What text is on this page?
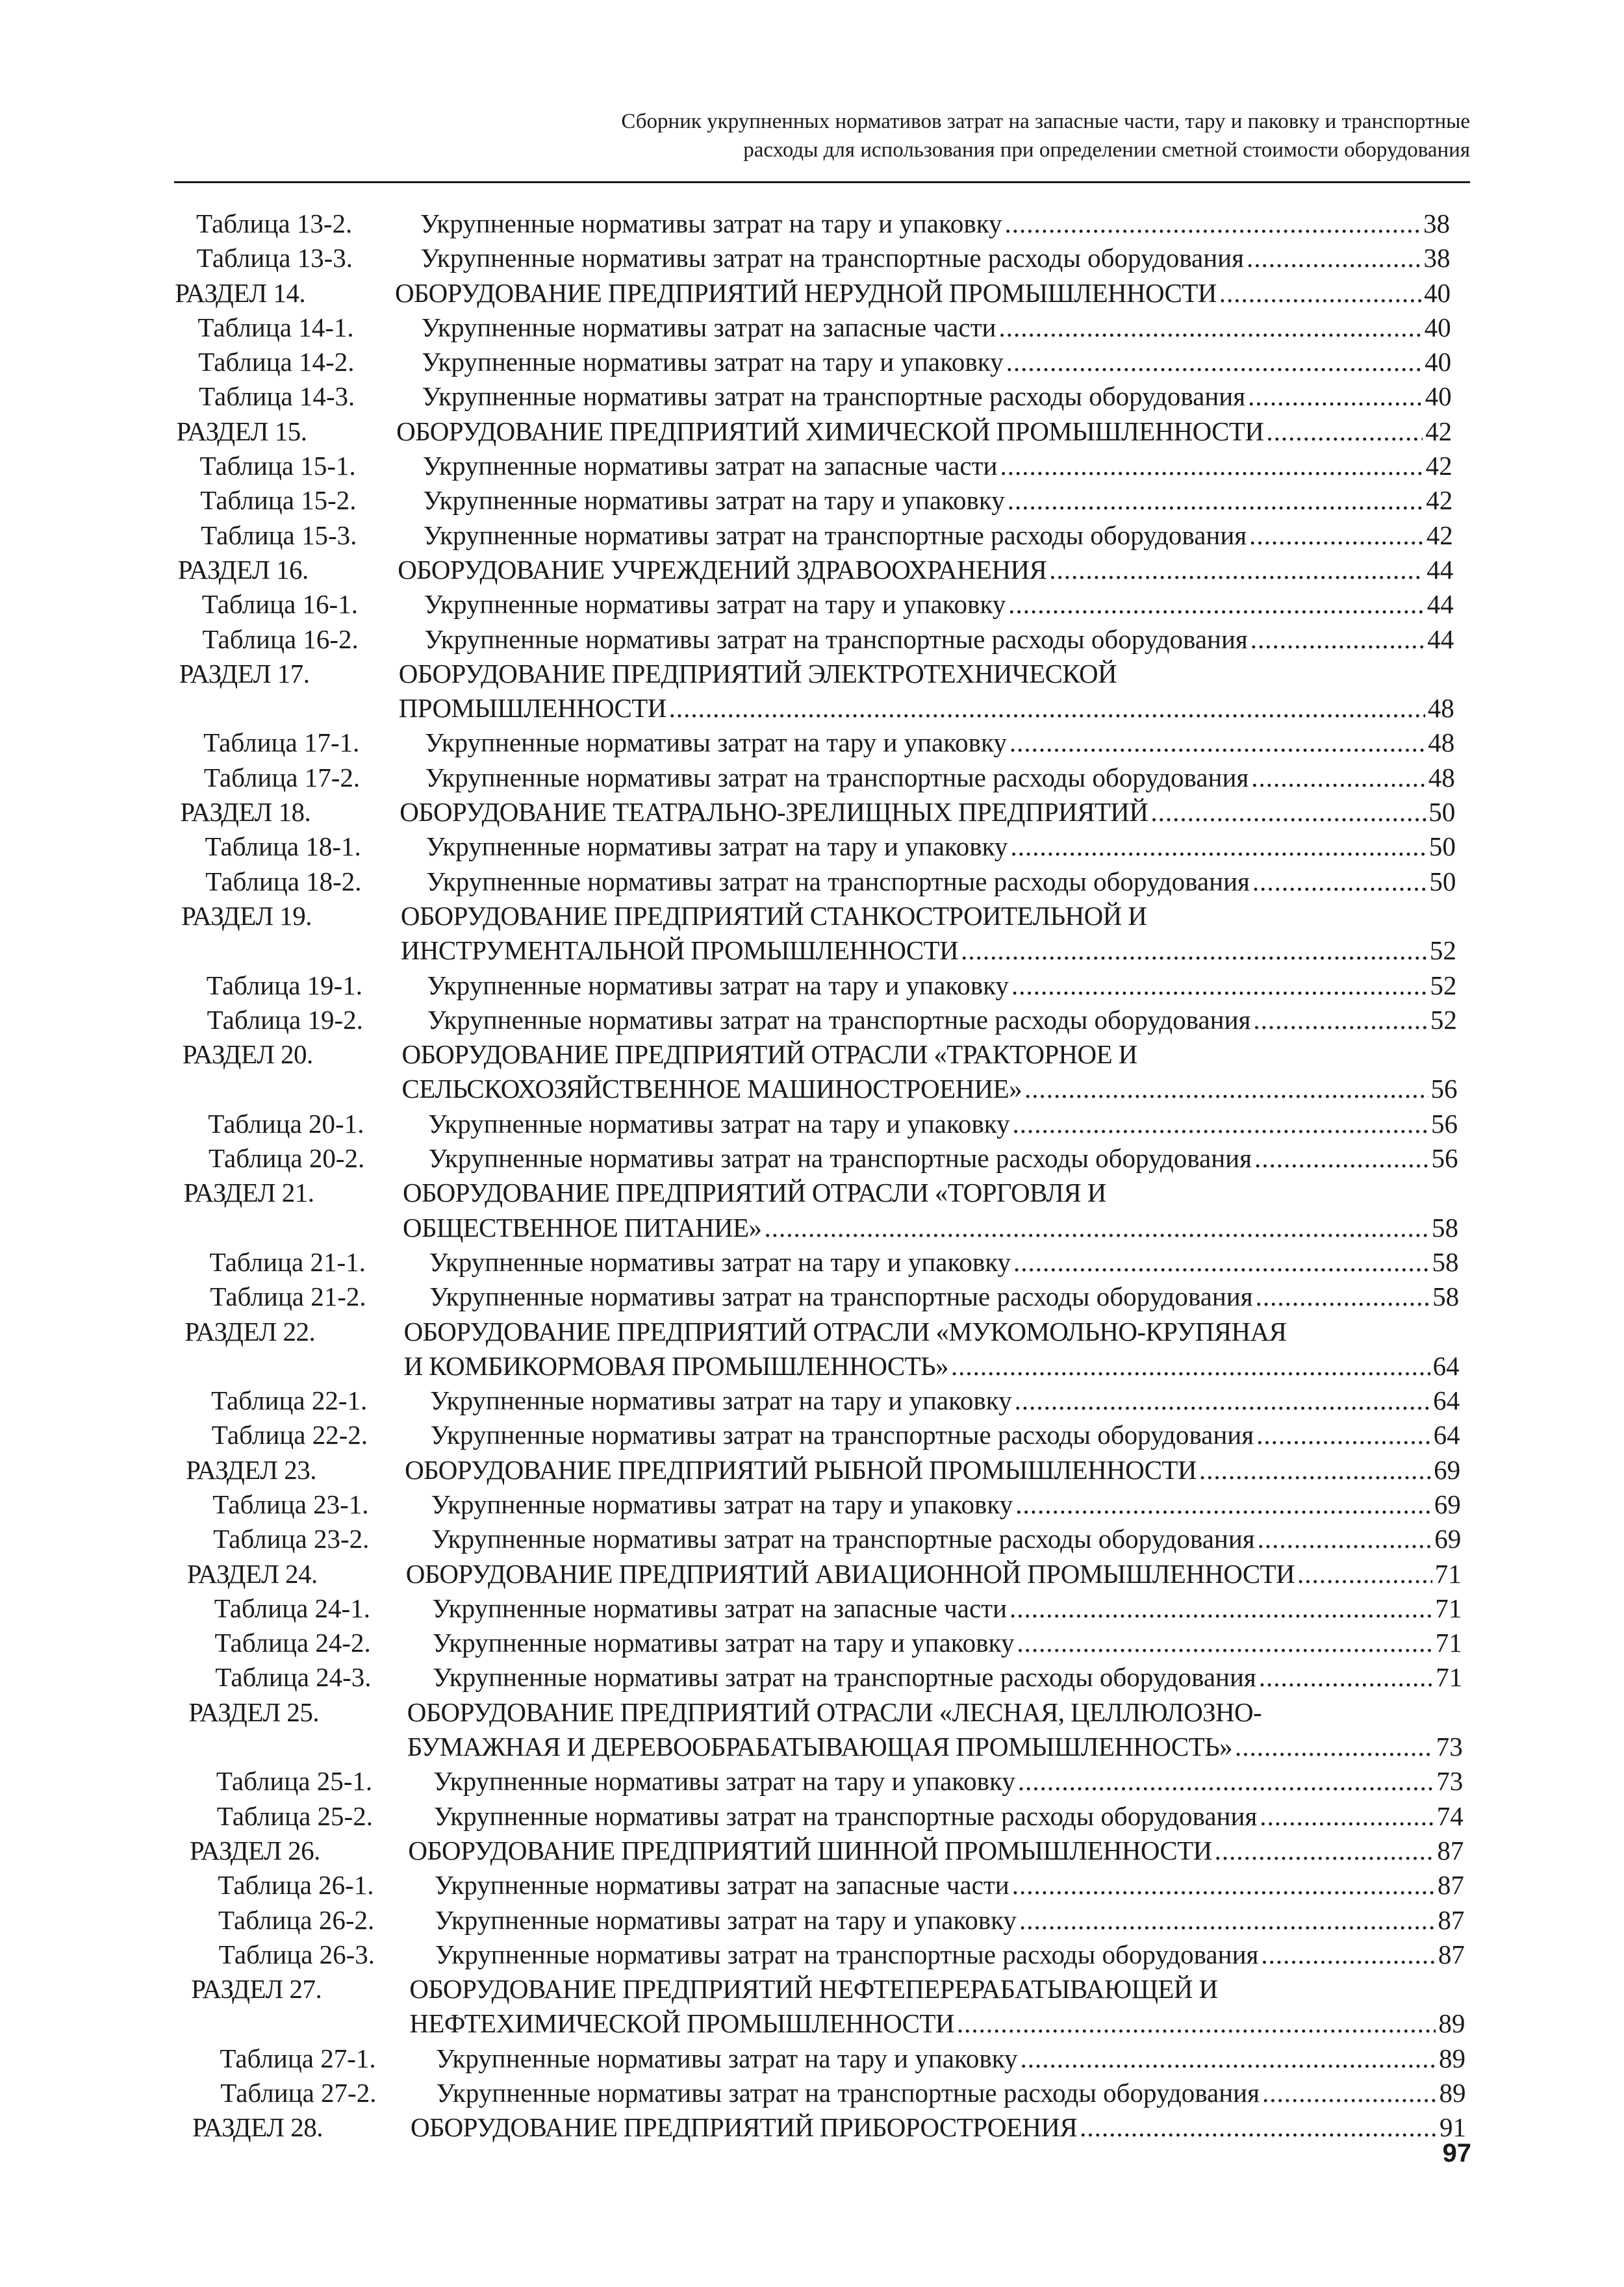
Сборник укрупненных нормативов затрат на запасные части, тару и паковку и транспортные
расходы для использования при определении сметной стоимости оборудования
Таблица 13-2.	Укрупненные нормативы затрат на тару и упаковку .....	38
Таблица 13-3.	Укрупненные нормативы затрат на транспортные расходы оборудования .....	38
РАЗДЕЛ 14.	ОБОРУДОВАНИЕ ПРЕДПРИЯТИЙ НЕРУДНОЙ ПРОМЫШЛЕННОСТИ .....	40
Таблица 14-1.	Укрупненные нормативы затрат на запасные части .....	40
Таблица 14-2.	Укрупненные нормативы затрат на тару и упаковку .....	40
Таблица 14-3.	Укрупненные нормативы затрат на транспортные расходы оборудования .....	40
РАЗДЕЛ 15.	ОБОРУДОВАНИЕ ПРЕДПРИЯТИЙ ХИМИЧЕСКОЙ ПРОМЫШЛЕННОСТИ .....	42
Таблица 15-1.	Укрупненные нормативы затрат на запасные части .....	42
Таблица 15-2.	Укрупненные нормативы затрат на тару и упаковку .....	42
Таблица 15-3. Укрупненные нормативы затрат на транспортные расходы оборудования .....	42
РАЗДЕЛ 16.	ОБОРУДОВАНИЕ УЧРЕЖДЕНИЙ ЗДРАВООХРАНЕНИЯ .....	44
Таблица 16-1. Укрупненные нормативы затрат на тару и упаковку .....	44
Таблица 16-2. Укрупненные нормативы затрат на транспортные расходы оборудования .....	44
РАЗДЕЛ 17.	ОБОРУДОВАНИЕ ПРЕДПРИЯТИЙ ЭЛЕКТРОТЕХНИЧЕСКОЙ
ПРОМЫШЛЕННОСТИ .....	48
Таблица 17-1. Укрупненные нормативы затрат на тару и упаковку .....	48
Таблица 17-2. Укрупненные нормативы затрат на транспортные расходы оборудования .....	48
РАЗДЕЛ 18.	ОБОРУДОВАНИЕ ТЕАТРАЛЬНО-ЗРЕЛИЩНЫХ ПРЕДПРИЯТИЙ .....	50
Таблица 18-1. Укрупненные нормативы затрат на тару и упаковку .....	50
Таблица 18-2. Укрупненные нормативы затрат на транспортные расходы оборудования .....	50
РАЗДЕЛ 19.	ОБОРУДОВАНИЕ ПРЕДПРИЯТИЙ СТАНКОСТРОИТЕЛЬНОЙ И
ИНСТРУМЕНТАЛЬНОЙ ПРОМЫШЛЕННОСТИ .....	52
Таблица 19-1. Укрупненные нормативы затрат на тару и упаковку .....	52
Таблица 19-2. Укрупненные нормативы затрат на транспортные расходы оборудования .....	52
РАЗДЕЛ 20.	ОБОРУДОВАНИЕ ПРЕДПРИЯТИЙ ОТРАСЛИ «ТРАКТОРНОЕ И
СЕЛЬСКОХОЗЯЙСТВЕННОЕ МАШИНОСТРОЕНИЕ» .....	56
Таблица 20-1. Укрупненные нормативы затрат на тару и упаковку .....	56
Таблица 20-2. Укрупненные нормативы затрат на транспортные расходы оборудования .....	56
РАЗДЕЛ 21.	ОБОРУДОВАНИЕ ПРЕДПРИЯТИЙ ОТРАСЛИ «ТОРГОВЛЯ И
ОБЩЕСТВЕННОЕ ПИТАНИЕ» .....	58
Таблица 21-1. Укрупненные нормативы затрат на тару и упаковку .....	58
Таблица 21-2. Укрупненные нормативы затрат на транспортные расходы оборудования .....	58
РАЗДЕЛ 22.	ОБОРУДОВАНИЕ ПРЕДПРИЯТИЙ ОТРАСЛИ «МУКОМОЛЬНО-КРУПЯНАЯ
И КОМБИКОРМОВАЯ ПРОМЫШЛЕННОСТЬ» .....	64
Таблица 22-1. Укрупненные нормативы затрат на тару и упаковку .....	64
Таблица 22-2. Укрупненные нормативы затрат на транспортные расходы оборудования .....	64
РАЗДЕЛ 23.	ОБОРУДОВАНИЕ ПРЕДПРИЯТИЙ РЫБНОЙ ПРОМЫШЛЕННОСТИ .....	69
Таблица 23-1. Укрупненные нормативы затрат на тару и упаковку .....	69
Таблица 23-2. Укрупненные нормативы затрат на транспортные расходы оборудования .....	69
РАЗДЕЛ 24.	ОБОРУДОВАНИЕ ПРЕДПРИЯТИЙ АВИАЦИОННОЙ ПРОМЫШЛЕННОСТИ .....	71
Таблица 24-1. Укрупненные нормативы затрат на запасные части .....	71
Таблица 24-2. Укрупненные нормативы затрат на тару и упаковку .....	71
Таблица 24-3. Укрупненные нормативы затрат на транспортные расходы оборудования .....	71
РАЗДЕЛ 25.	ОБОРУДОВАНИЕ ПРЕДПРИЯТИЙ ОТРАСЛИ «ЛЕСНАЯ, ЦЕЛЛЮЛОЗНО-
БУМАЖНАЯ И ДЕРЕВООБРАБАТЫВАЮЩАЯ ПРОМЫШЛЕННОСТЬ» .....	73
Таблица 25-1. Укрупненные нормативы затрат на тару и упаковку .....	73
Таблица 25-2. Укрупненные нормативы затрат на транспортные расходы оборудования .....	74
РАЗДЕЛ 26.	ОБОРУДОВАНИЕ ПРЕДПРИЯТИЙ ШИННОЙ ПРОМЫШЛЕННОСТИ .....	87
Таблица 26-1. Укрупненные нормативы затрат на запасные части .....	87
Таблица 26-2. Укрупненные нормативы затрат на тару и упаковку .....	87
Таблица 26-3. Укрупненные нормативы затрат на транспортные расходы оборудования .....	87
РАЗДЕЛ 27.	ОБОРУДОВАНИЕ ПРЕДПРИЯТИЙ НЕФТЕПЕРЕРАБАТЫВАЮЩЕЙ И
НЕФТЕХИМИЧЕСКОЙ ПРОМЫШЛЕННОСТИ .....	89
Таблица 27-1. Укрупненные нормативы затрат на тару и упаковку .....	89
Таблица 27-2. Укрупненные нормативы затрат на транспортные расходы оборудования .....	89
РАЗДЕЛ 28.	ОБОРУДОВАНИЕ ПРЕДПРИЯТИЙ ПРИБОРОСТРОЕНИЯ .....	91
97
